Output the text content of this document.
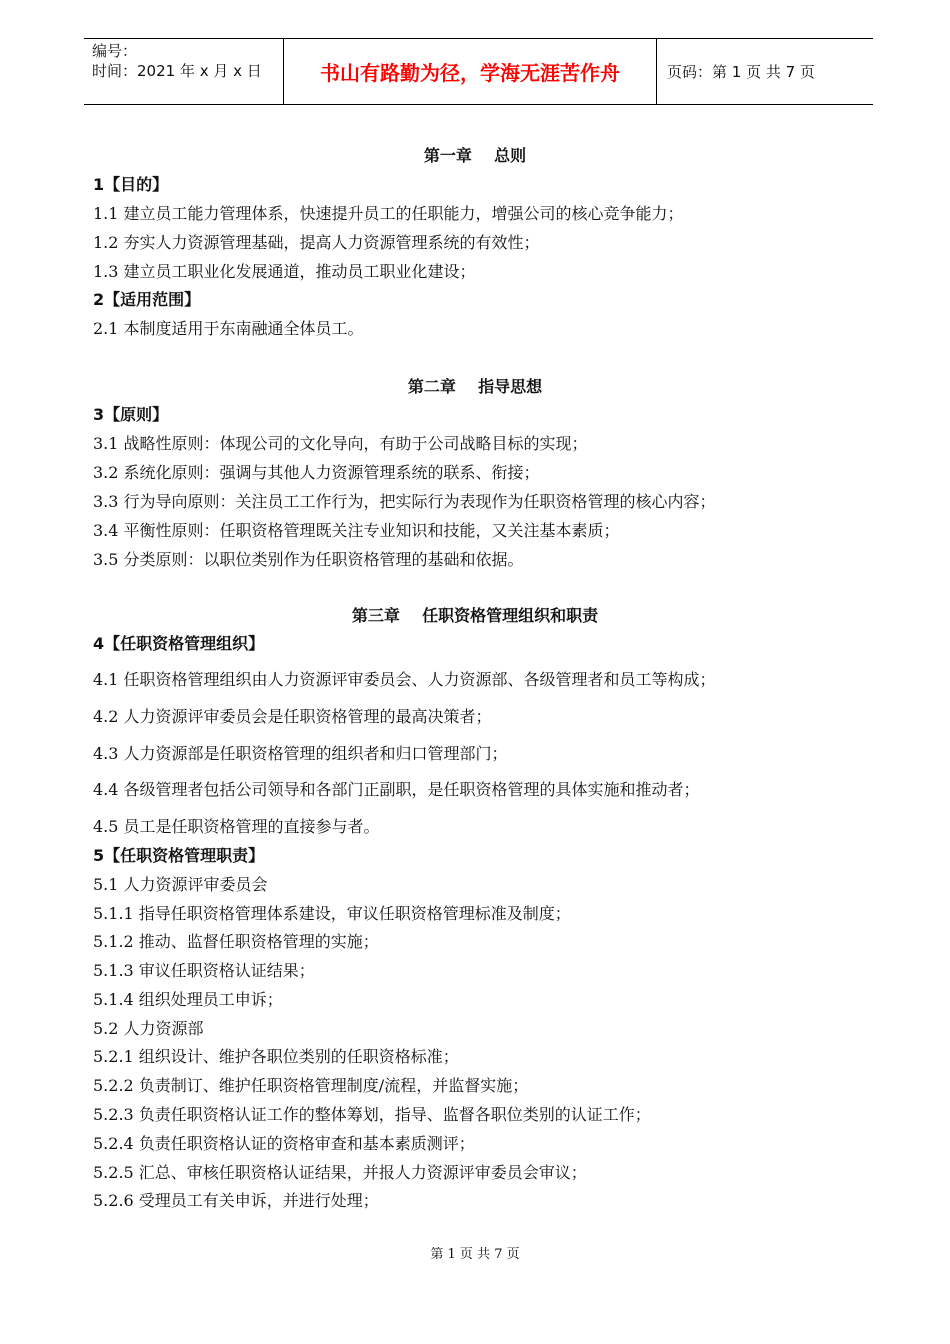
编号：
时间：2021 年 x 月 x 日	书山有路勤为径，学海无涯苦作舟	页码：第 1 页 共 7 页
第一章    总则
1【目的】
1.1 建立员工能力管理体系，快速提升员工的任职能力，增强公司的核心竞争能力；
1.2 夯实人力资源管理基础，提高人力资源管理系统的有效性；
1.3 建立员工职业化发展通道，推动员工职业化建设；
2【适用范围】
2.1 本制度适用于东南融通全体员工。
第二章    指导思想
3【原则】
3.1 战略性原则：体现公司的文化导向，有助于公司战略目标的实现；
3.2 系统化原则：强调与其他人力资源管理系统的联系、衔接；
3.3 行为导向原则：关注员工工作行为，把实际行为表现作为任职资格管理的核心内容；
3.4 平衡性原则：任职资格管理既关注专业知识和技能，又关注基本素质；
3.5 分类原则：以职位类别作为任职资格管理的基础和依据。
第三章    任职资格管理组织和职责
4【任职资格管理组织】
4.1 任职资格管理组织由人力资源评审委员会、人力资源部、各级管理者和员工等构成；
4.2 人力资源评审委员会是任职资格管理的最高决策者；
4.3 人力资源部是任职资格管理的组织者和归口管理部门；
4.4 各级管理者包括公司领导和各部门正副职，是任职资格管理的具体实施和推动者；
4.5 员工是任职资格管理的直接参与者。
5【任职资格管理职责】
5.1 人力资源评审委员会
5.1.1 指导任职资格管理体系建设，审议任职资格管理标准及制度；
5.1.2 推动、监督任职资格管理的实施；
5.1.3 审议任职资格认证结果；
5.1.4 组织处理员工申诉；
5.2 人力资源部
5.2.1 组织设计、维护各职位类别的任职资格标准；
5.2.2 负责制订、维护任职资格管理制度/流程，并监督实施；
5.2.3 负责任职资格认证工作的整体筹划，指导、监督各职位类别的认证工作；
5.2.4 负责任职资格认证的资格审查和基本素质测评；
5.2.5 汇总、审核任职资格认证结果，并报人力资源评审委员会审议；
5.2.6 受理员工有关申诉，并进行处理；
第 1 页 共 7 页
